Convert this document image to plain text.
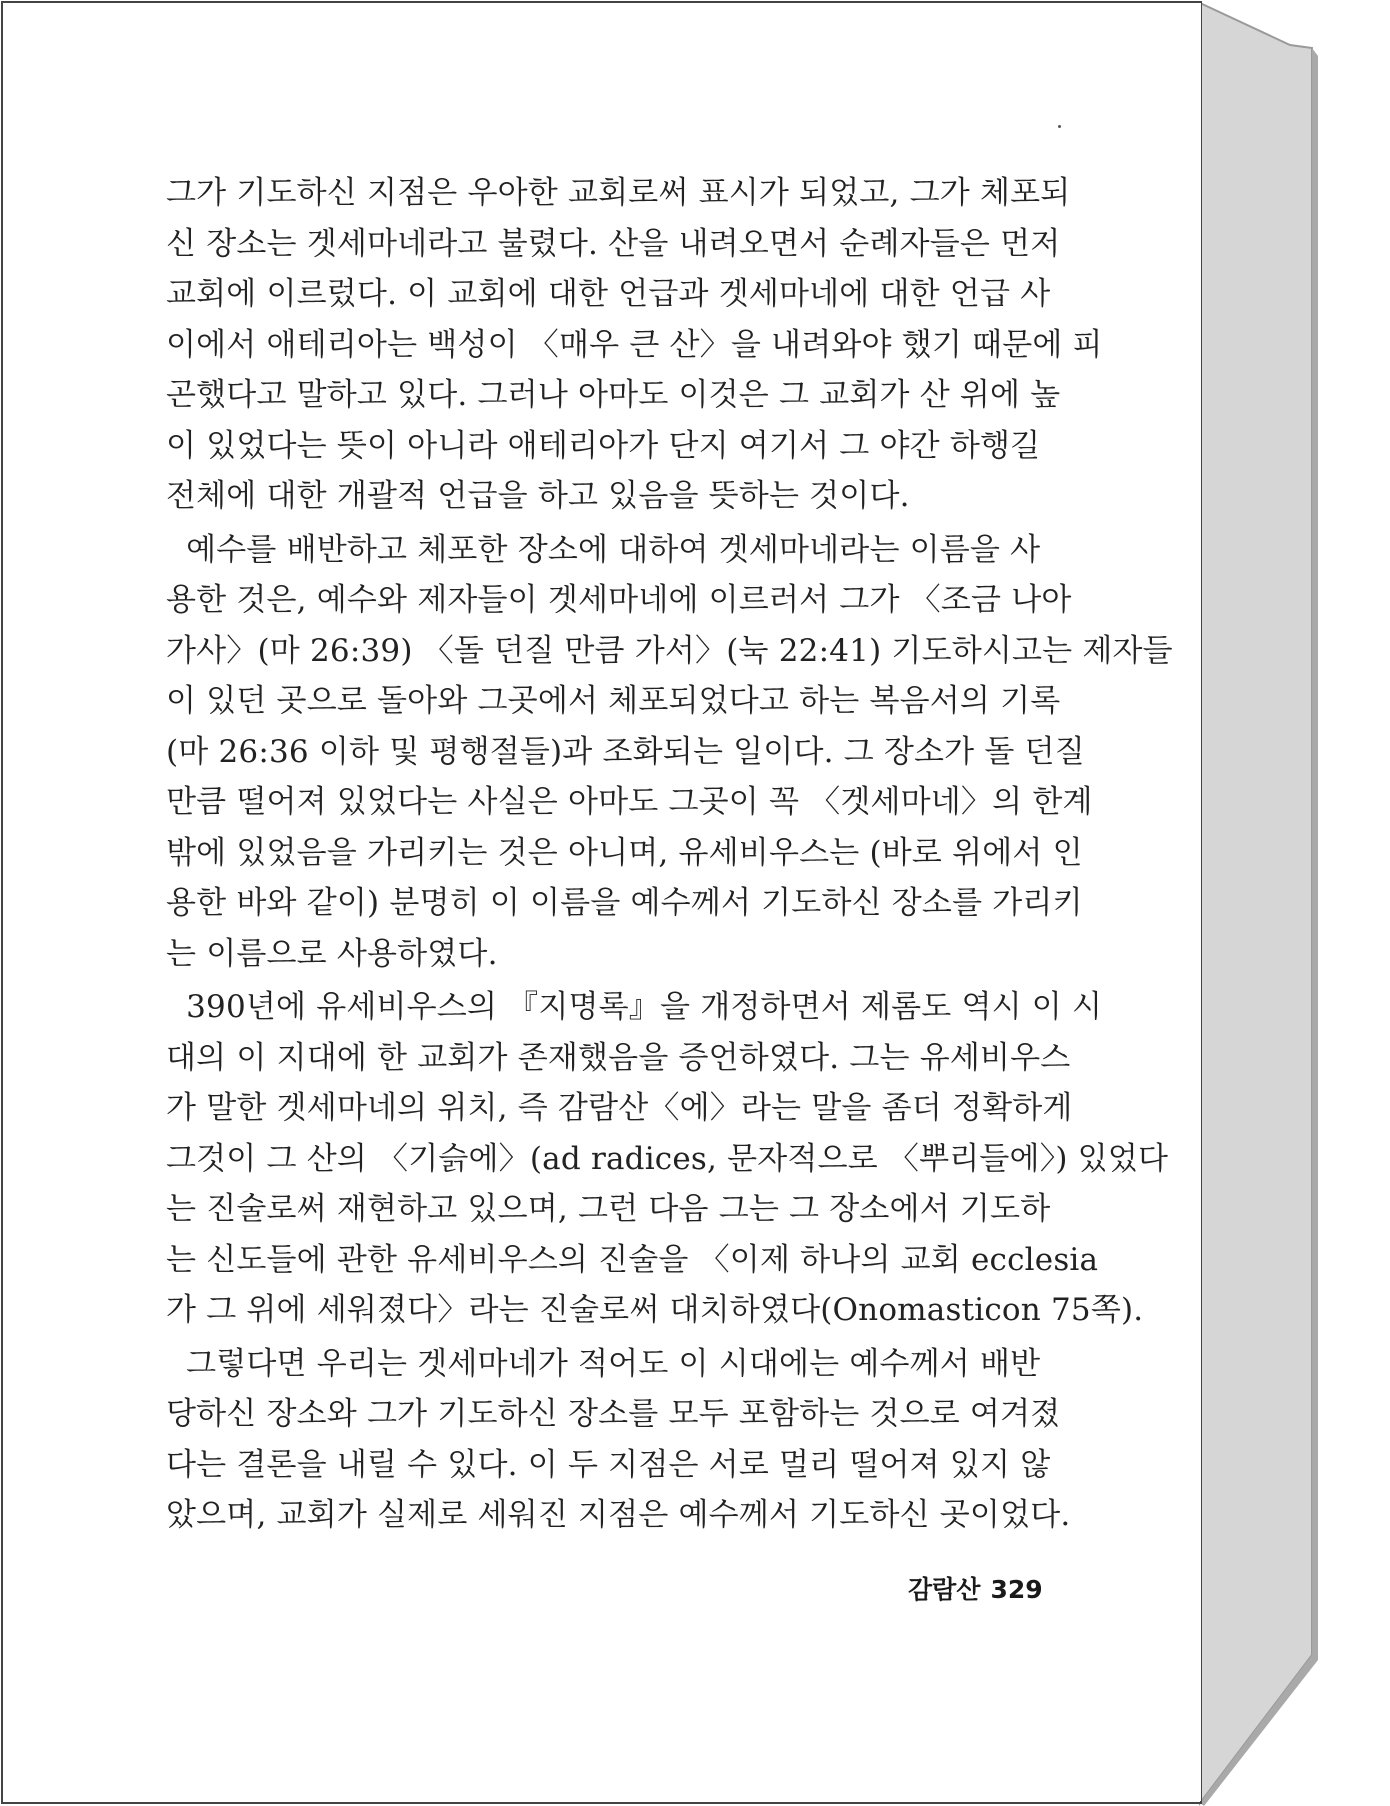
그가 기도하신 지점은 우아한 교회로써 표시가 되었고, 그가 체포되
신 장소는 겟세마네라고 불렸다. 산을 내려오면서 순례자들은 먼저
교회에 이르렀다. 이 교회에 대한 언급과 겟세마네에 대한 언급 사
이에서 애테리아는 백성이 〈매우 큰 산〉을 내려와야 했기 때문에 피
곤했다고 말하고 있다. 그러나 아마도 이것은 그 교회가 산 위에 높
이 있었다는 뜻이 아니라 애테리아가 단지 여기서 그 야간 하행길
전체에 대한 개괄적 언급을 하고 있음을 뜻하는 것이다.
예수를 배반하고 체포한 장소에 대하여 겟세마네라는 이름을 사
용한 것은, 예수와 제자들이 겟세마네에 이르러서 그가 〈조금 나아
가사〉(마 26:39) 〈돌 던질 만큼 가서〉(눅 22:41) 기도하시고는 제자들
이 있던 곳으로 돌아와 그곳에서 체포되었다고 하는 복음서의 기록
(마 26:36 이하 및 평행절들)과 조화되는 일이다. 그 장소가 돌 던질
만큼 떨어져 있었다는 사실은 아마도 그곳이 꼭 〈겟세마네〉의 한계
밖에 있었음을 가리키는 것은 아니며, 유세비우스는 (바로 위에서 인
용한 바와 같이) 분명히 이 이름을 예수께서 기도하신 장소를 가리키
는 이름으로 사용하였다.
390년에 유세비우스의 『지명록』을 개정하면서 제롬도 역시 이 시
대의 이 지대에 한 교회가 존재했음을 증언하였다. 그는 유세비우스
가 말한 겟세마네의 위치, 즉 감람산〈에〉라는 말을 좀더 정확하게
그것이 그 산의 〈기슭에〉(ad radices, 문자적으로 〈뿌리들에〉) 있었다
는 진술로써 재현하고 있으며, 그런 다음 그는 그 장소에서 기도하
는 신도들에 관한 유세비우스의 진술을 〈이제 하나의 교회 ecclesia
가 그 위에 세워졌다〉라는 진술로써 대치하였다(Onomasticon 75쪽).
그렇다면 우리는 겟세마네가 적어도 이 시대에는 예수께서 배반
당하신 장소와 그가 기도하신 장소를 모두 포함하는 것으로 여겨졌
다는 결론을 내릴 수 있다. 이 두 지점은 서로 멀리 떨어져 있지 않
았으며, 교회가 실제로 세워진 지점은 예수께서 기도하신 곳이었다.
감람산 329
